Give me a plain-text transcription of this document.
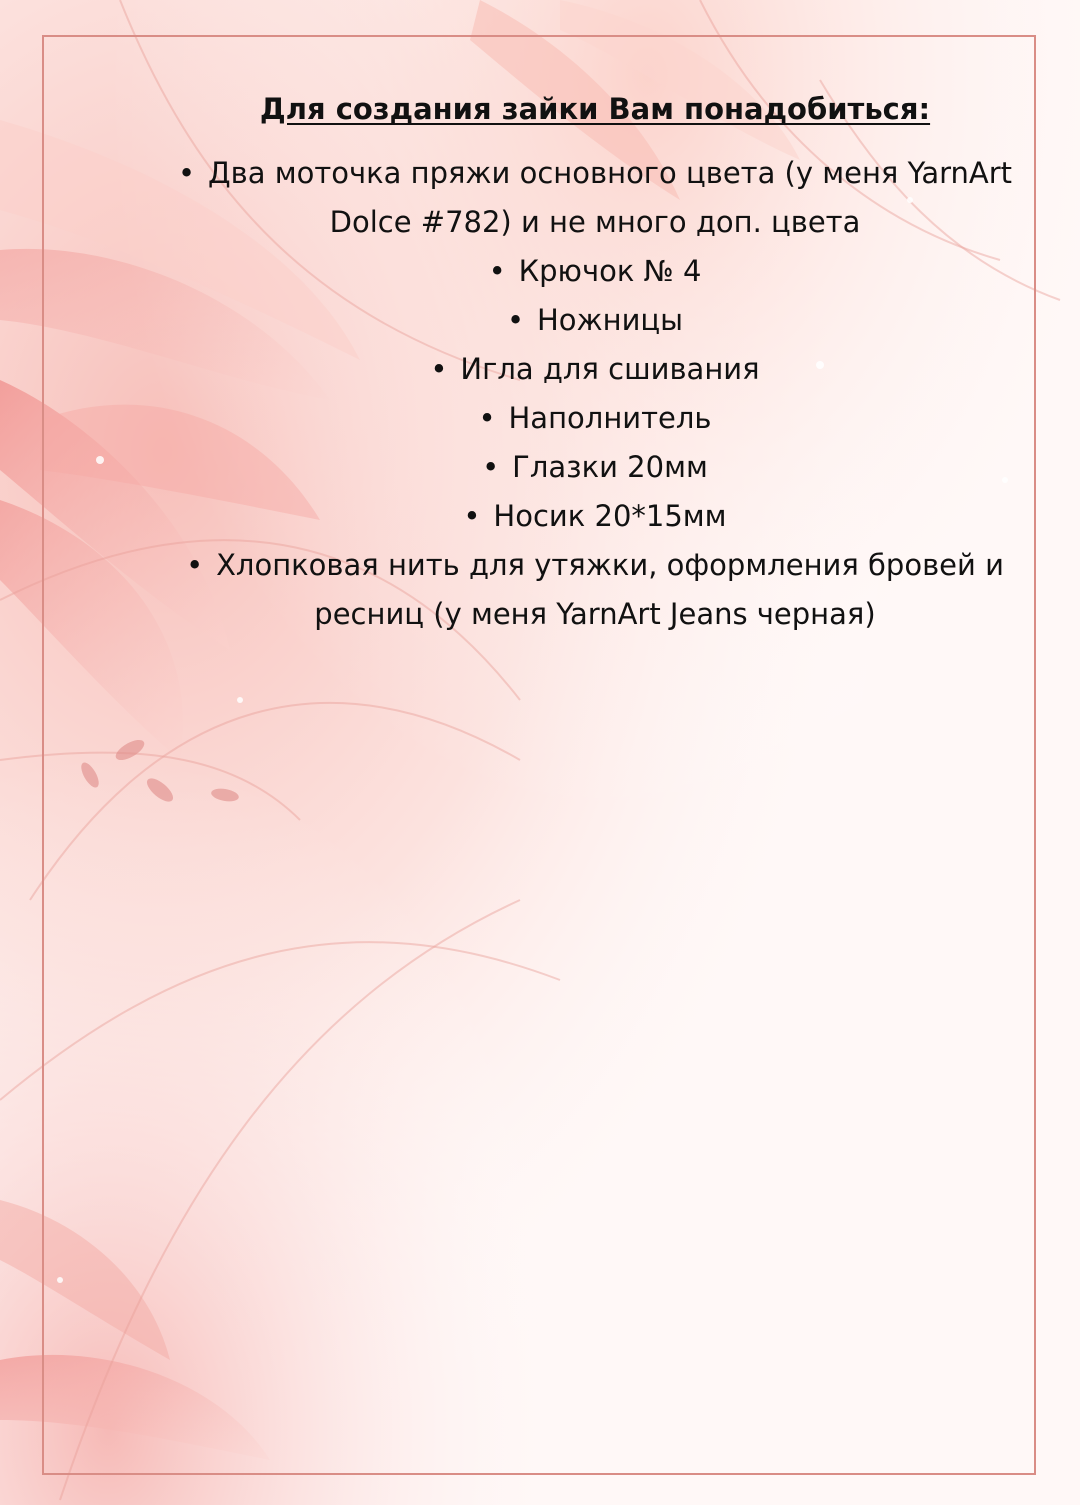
Для создания зайки Вам понадобиться:
• Два моточка пряжи основного цвета (у меня YarnArt Dolce #782) и не много доп. цвета
• Крючок № 4
• Ножницы
• Игла для сшивания
• Наполнитель
• Глазки 20мм
• Носик 20*15мм
• Хлопковая нить для утяжки, оформления бровей и ресниц (у меня YarnArt Jeans черная)
